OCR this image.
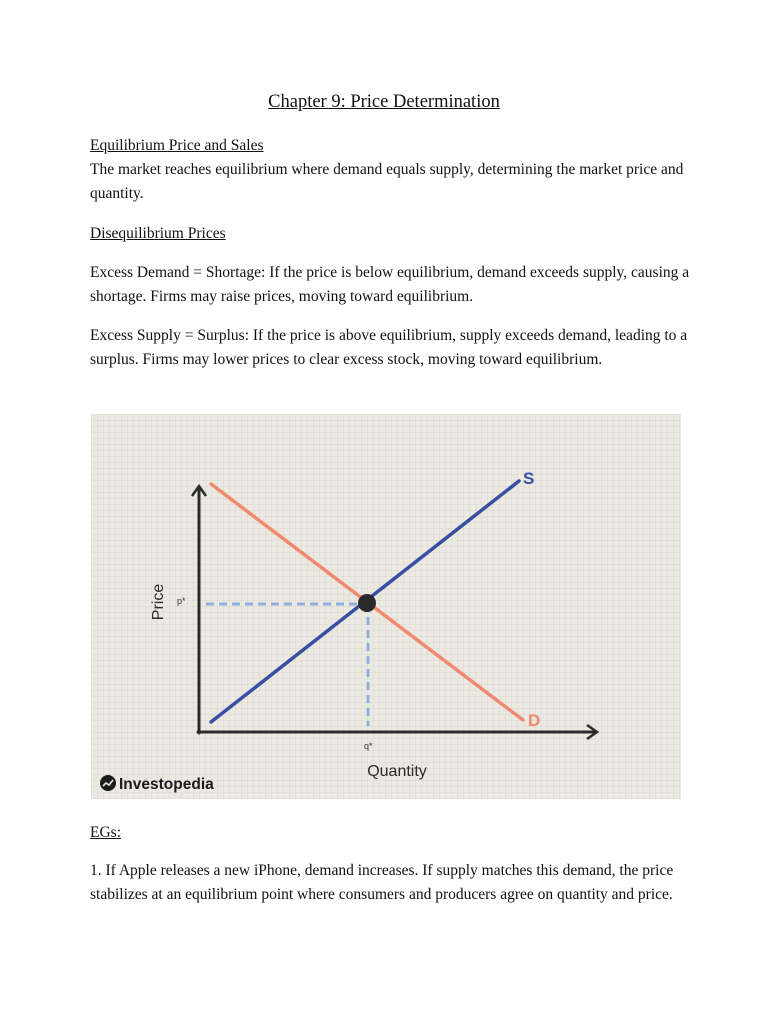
Chapter 9: Price Determination

Equilibrium Price and Sales

The market reaches equilibrium where demand equals supply, determining the market price and quantity.

Disequilibrium Prices

Excess Demand = Shortage: If the price is below equilibrium, demand exceeds supply, causing a shortage. Firms may raise prices, moving toward equilibrium.

Excess Supply = Surplus: If the price is above equilibrium, supply exceeds demand, leading to a surplus. Firms may lower prices to clear excess stock, moving toward equilibrium.

S
D
p*
q*
Price
Quantity
Investopedia

EGs:

1. If Apple releases a new iPhone, demand increases. If supply matches this demand, the price stabilizes at an equilibrium point where consumers and producers agree on quantity and price.
